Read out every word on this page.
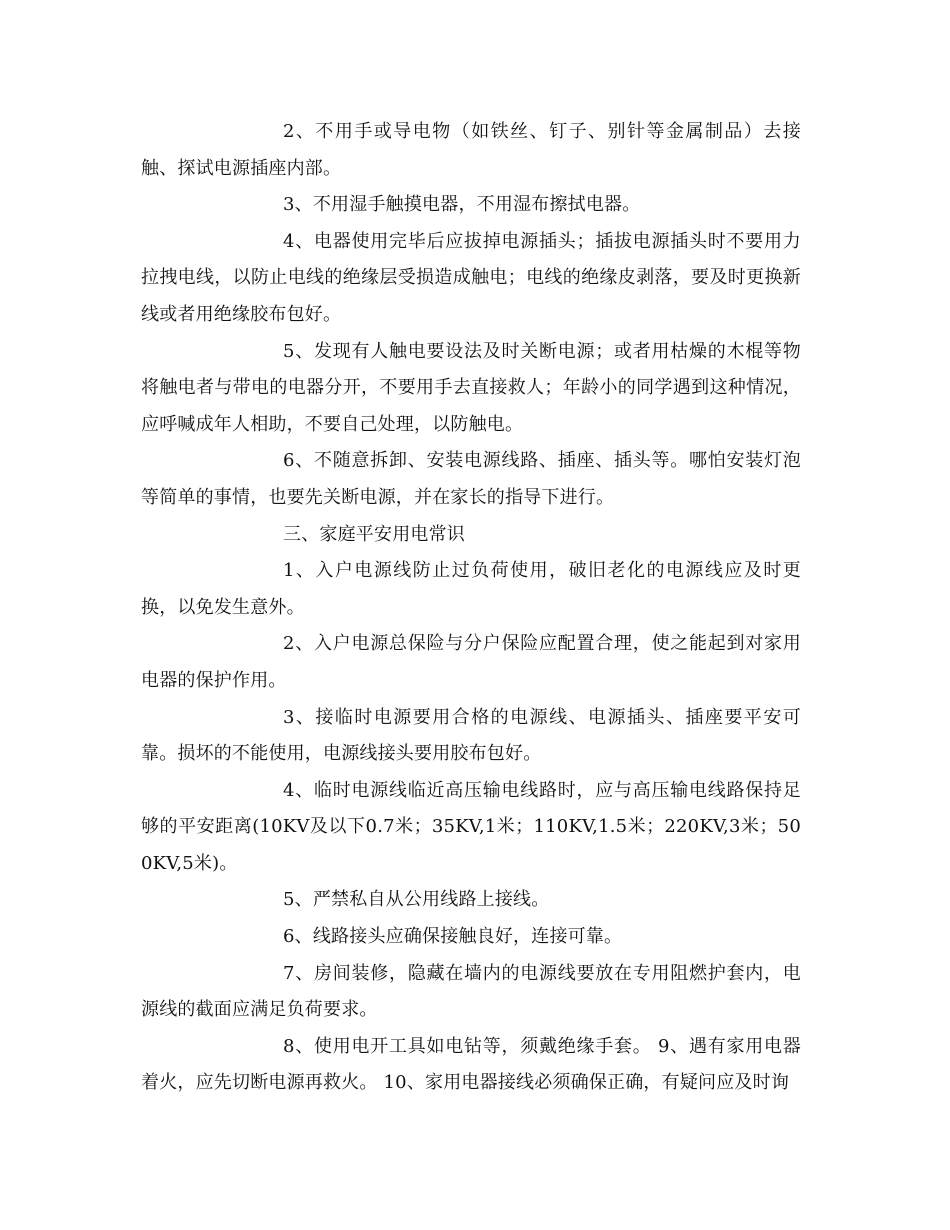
2、不用手或导电物（如铁丝、钉子、别针等金属制品）去接触、探试电源插座内部。

3、不用湿手触摸电器，不用湿布擦拭电器。

4、电器使用完毕后应拔掉电源插头；插拔电源插头时不要用力拉拽电线，以防止电线的绝缘层受损造成触电；电线的绝缘皮剥落，要及时更换新线或者用绝缘胶布包好。

5、发现有人触电要设法及时关断电源；或者用枯燥的木棍等物将触电者与带电的电器分开，不要用手去直接救人；年龄小的同学遇到这种情况，应呼喊成年人相助，不要自己处理，以防触电。

6、不随意拆卸、安装电源线路、插座、插头等。哪怕安装灯泡等简单的事情，也要先关断电源，并在家长的指导下进行。

三、家庭平安用电常识

1、入户电源线防止过负荷使用，破旧老化的电源线应及时更换，以免发生意外。

2、入户电源总保险与分户保险应配置合理，使之能起到对家用电器的保护作用。

3、接临时电源要用合格的电源线、电源插头、插座要平安可靠。损坏的不能使用，电源线接头要用胶布包好。

4、临时电源线临近高压输电线路时，应与高压输电线路保持足够的平安距离(10KV及以下0.7米；35KV,1米；110KV,1.5米；220KV,3米；500KV,5米)。

5、严禁私自从公用线路上接线。

6、线路接头应确保接触良好，连接可靠。

7、房间装修，隐藏在墙内的电源线要放在专用阻燃护套内，电源线的截面应满足负荷要求。

8、使用电开工具如电钻等，须戴绝缘手套。 9、遇有家用电器着火，应先切断电源再救火。 10、家用电器接线必须确保正确，有疑问应及时询
